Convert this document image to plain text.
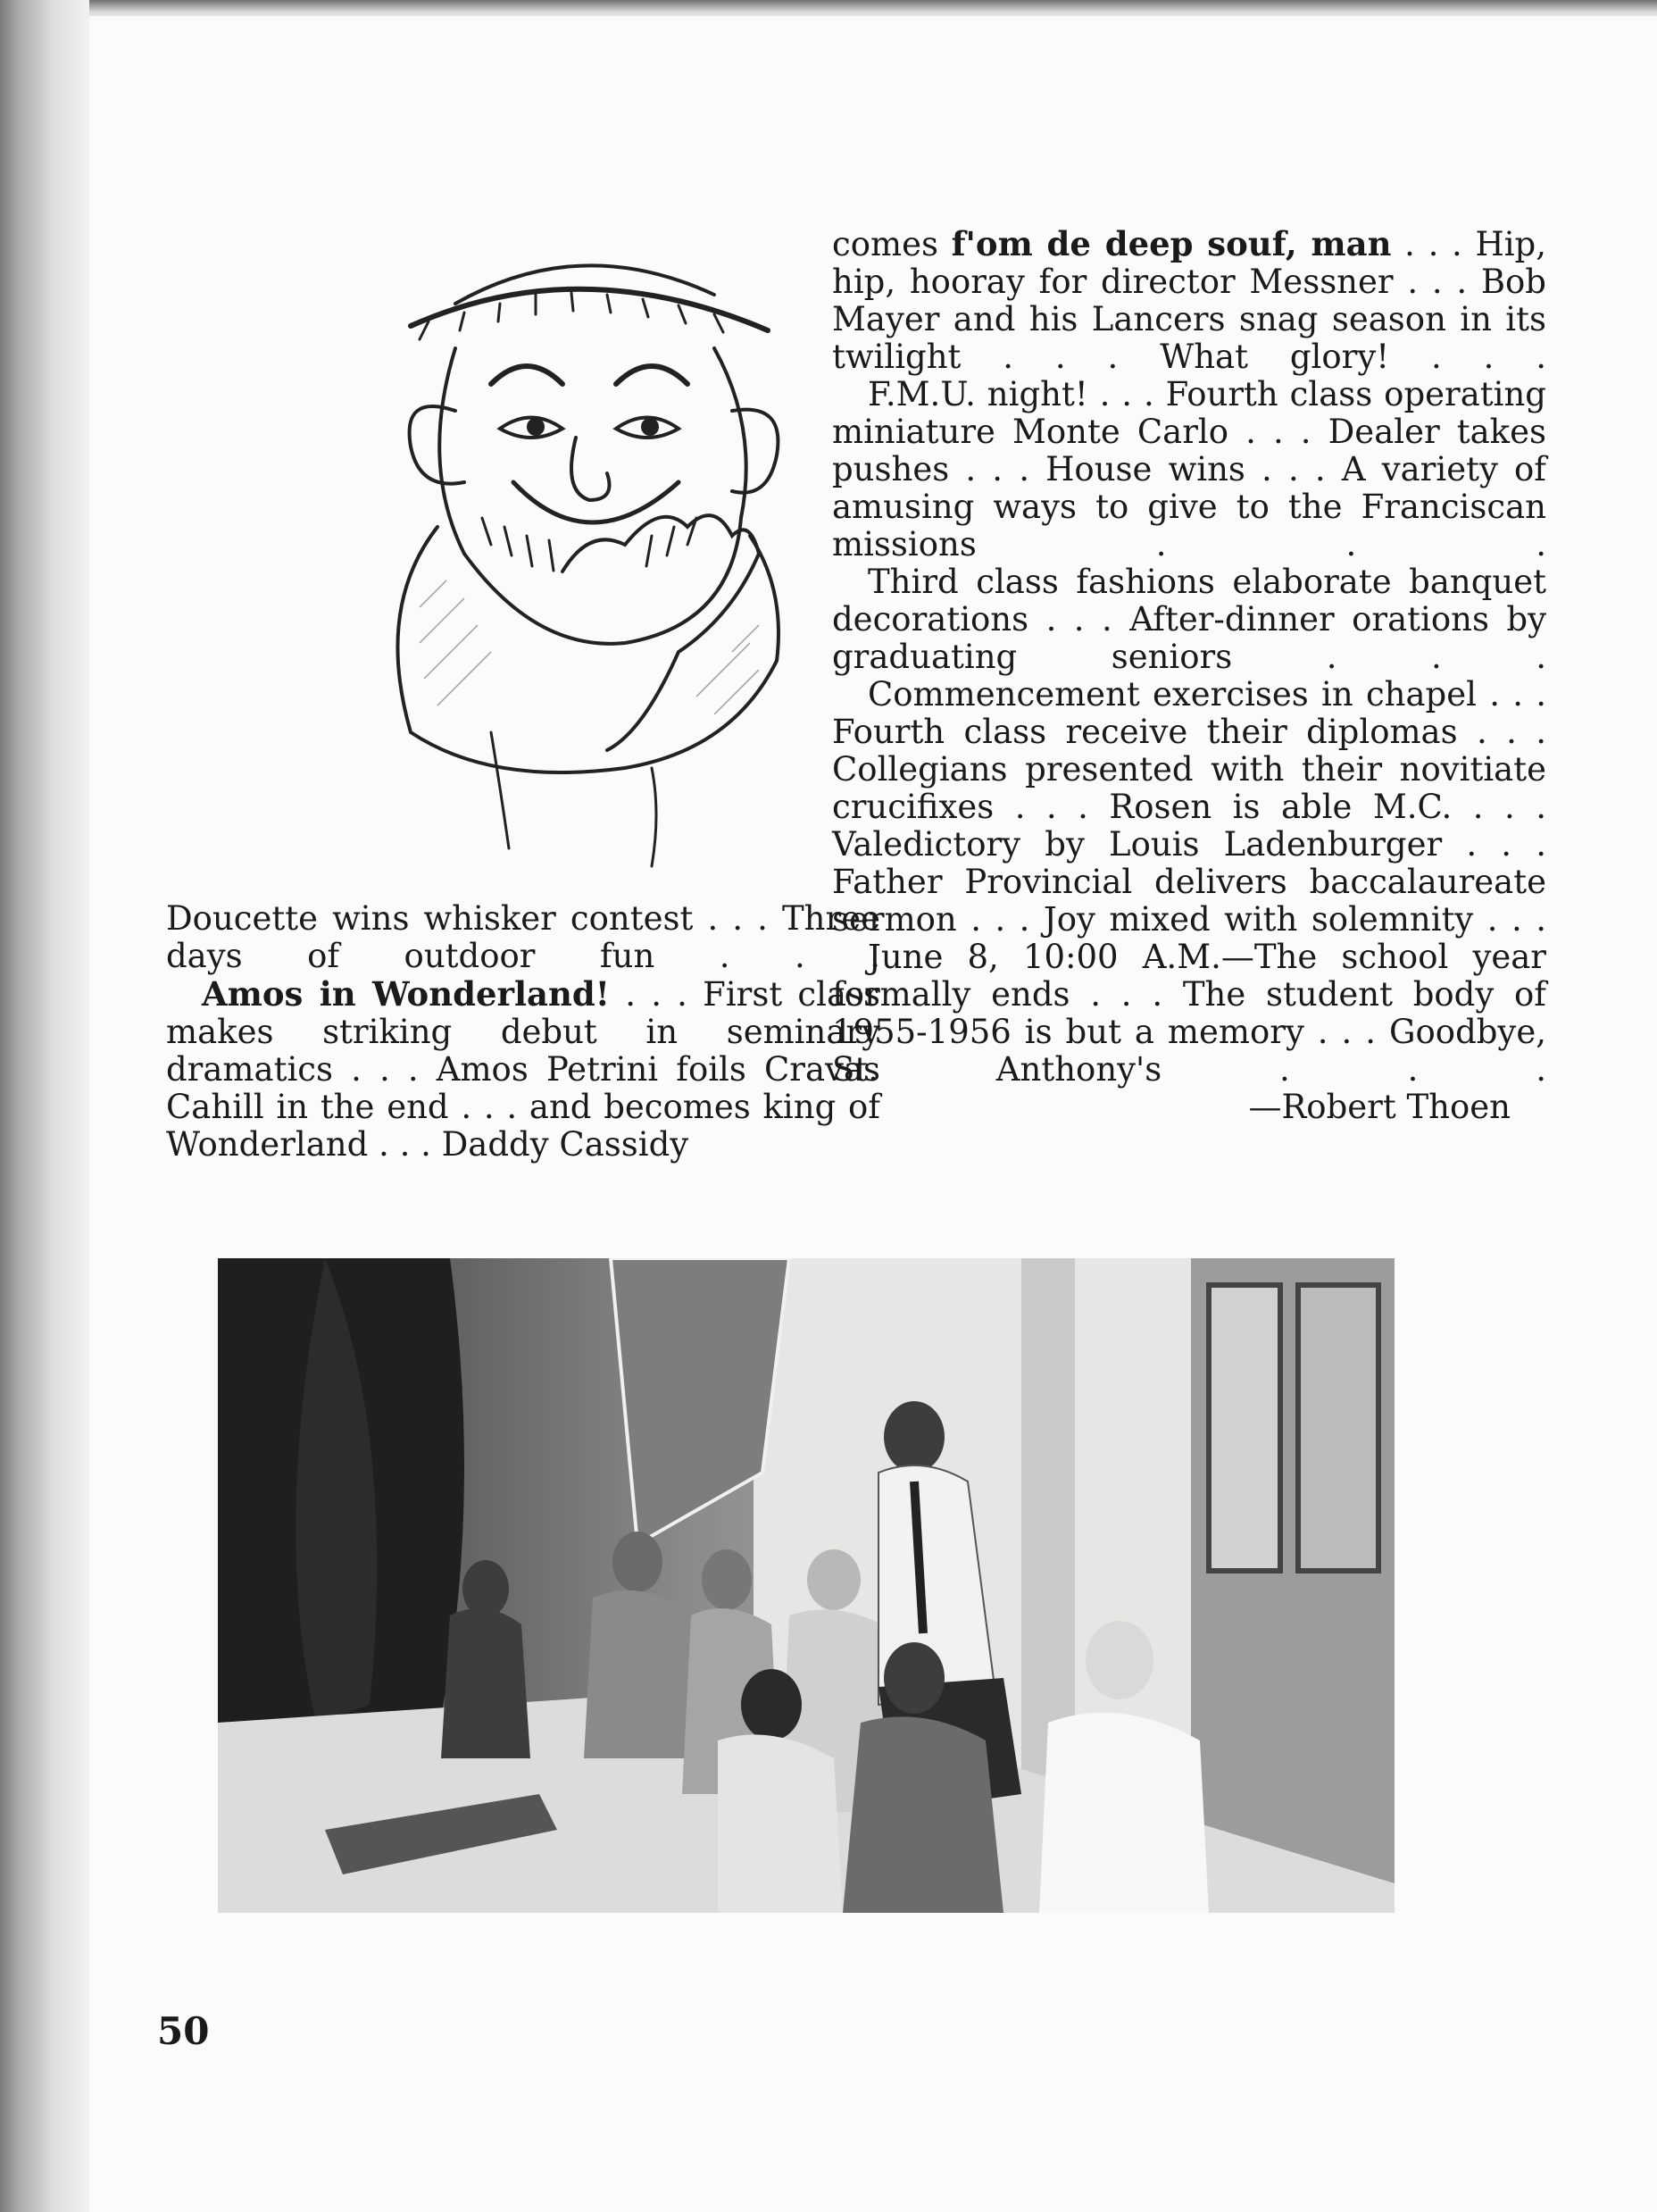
Doucette wins whisker contest . . . Three days of outdoor fun . . .

Amos in Wonderland! . . . First class makes striking debut in seminary dramatics . . . Amos Petrini foils Cravas Cahill in the end . . . and becomes king of Wonderland . . . Daddy Cassidy

comes f'om de deep souf, man . . . Hip, hip, hooray for director Messner . . . Bob Mayer and his Lancers snag season in its twilight . . . What glory! . . .

F.M.U. night! . . . Fourth class operating miniature Monte Carlo . . . Dealer takes pushes . . . House wins . . . A variety of amusing ways to give to the Franciscan missions . . .

Third class fashions elaborate banquet decorations . . . After-dinner orations by graduating seniors . . .

Commencement exercises in chapel . . . Fourth class receive their diplomas . . . Collegians presented with their novitiate crucifixes . . . Rosen is able M.C. . . . Valedictory by Louis Ladenburger . . . Father Provincial delivers baccalaureate sermon . . . Joy mixed with solemnity . . .

June 8, 10:00 A.M.—The school year formally ends . . . The student body of 1955-1956 is but a memory . . . Goodbye, St. Anthony's . . .

—Robert Thoen

50
